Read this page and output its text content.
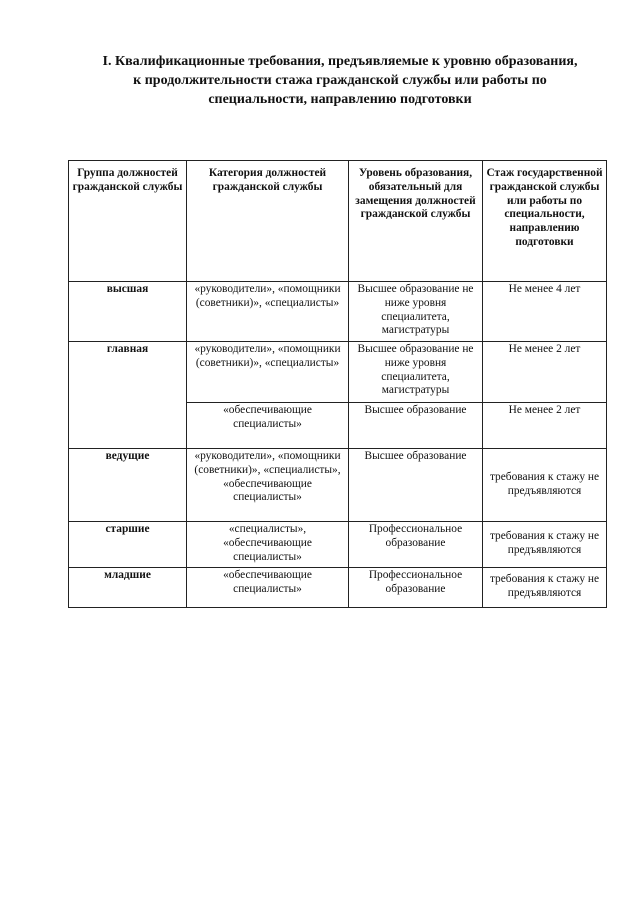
I. Квалификационные требования, предъявляемые к уровню образования,
к продолжительности стажа гражданской службы или работы по
специальности, направлению подготовки
Группа должностей гражданской службы	Категория должностей гражданской службы	Уровень образования, обязательный для замещения должностей гражданской службы	Стаж государственной гражданской службы или работы по специальности, направлению подготовки
высшая	«руководители», «помощники (советники)», «специалисты»	Высшее образование не ниже уровня специалитета, магистратуры	Не менее 4 лет
главная	«руководители», «помощники (советники)», «специалисты»	Высшее образование не ниже уровня специалитета, магистратуры	Не менее 2 лет
	«обеспечивающие специалисты»	Высшее образование	Не менее 2 лет
ведущие	«руководители», «помощники (советники)», «специалисты», «обеспечивающие специалисты»	Высшее образование	требования к стажу не предъявляются
старшие	«специалисты», «обеспечивающие специалисты»	Профессиональное образование	требования к стажу не предъявляются
младшие	«обеспечивающие специалисты»	Профессиональное образование	требования к стажу не предъявляются
